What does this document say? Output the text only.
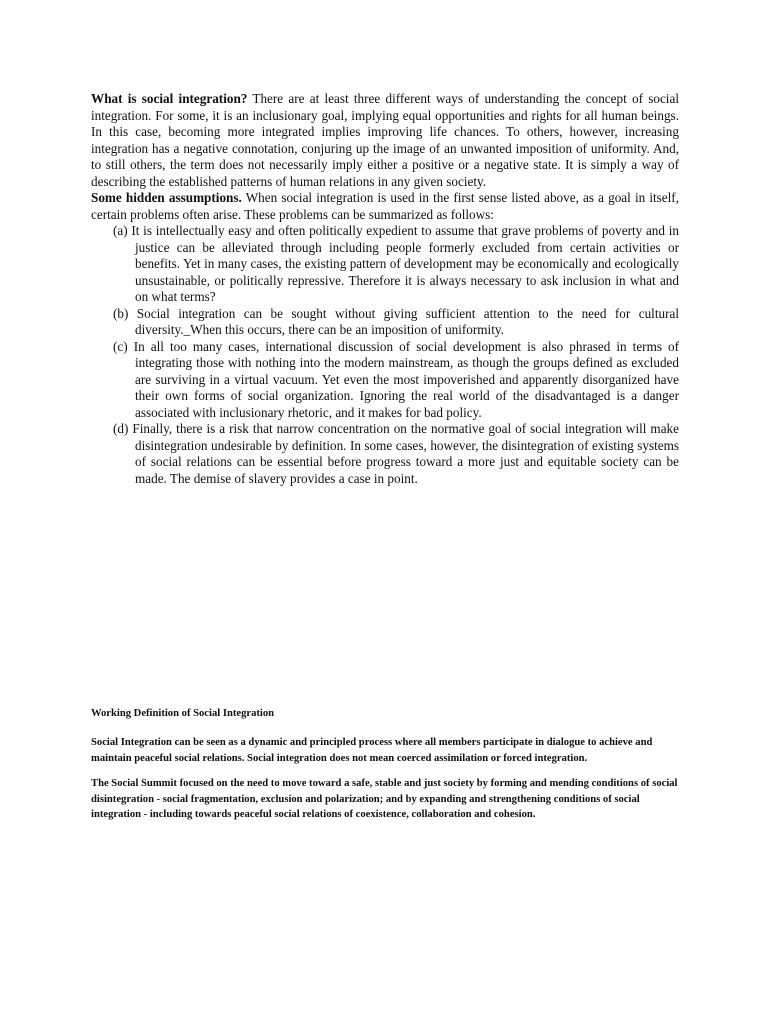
What is social integration? There are at least three different ways of understanding the concept of social integration. For some, it is an inclusionary goal, implying equal opportunities and rights for all human beings. In this case, becoming more integrated implies improving life chances. To others, however, increasing integration has a negative connotation, conjuring up the image of an unwanted imposition of uniformity. And, to still others, the term does not necessarily imply either a positive or a negative state. It is simply a way of describing the established patterns of human relations in any given society.

Some hidden assumptions. When social integration is used in the first sense listed above, as a goal in itself, certain problems often arise. These problems can be summarized as follows:

(a) It is intellectually easy and often politically expedient to assume that grave problems of poverty and in justice can be alleviated through including people formerly excluded from certain activities or benefits. Yet in many cases, the existing pattern of development may be economically and ecologically unsustainable, or politically repressive. Therefore it is always necessary to ask inclusion in what and on what terms?
(b) Social integration can be sought without giving sufficient attention to the need for cultural diversity._When this occurs, there can be an imposition of uniformity.
(c) In all too many cases, international discussion of social development is also phrased in terms of integrating those with nothing into the modern mainstream, as though the groups defined as excluded are surviving in a virtual vacuum. Yet even the most impoverished and apparently disorganized have their own forms of social organization. Ignoring the real world of the disadvantaged is a danger associated with inclusionary rhetoric, and it makes for bad policy.
(d) Finally, there is a risk that narrow concentration on the normative goal of social integration will make disintegration undesirable by definition. In some cases, however, the disintegration of existing systems of social relations can be essential before progress toward a more just and equitable society can be made. The demise of slavery provides a case in point.
Working Definition of Social Integration

Social Integration can be seen as a dynamic and principled process where all members participate in dialogue to achieve and maintain peaceful social relations. Social integration does not mean coerced assimilation or forced integration.

The Social Summit focused on the need to move toward a safe, stable and just society by forming and mending conditions of social disintegration - social fragmentation, exclusion and polarization; and by expanding and strengthening conditions of social integration - including towards peaceful social relations of coexistence, collaboration and cohesion.
